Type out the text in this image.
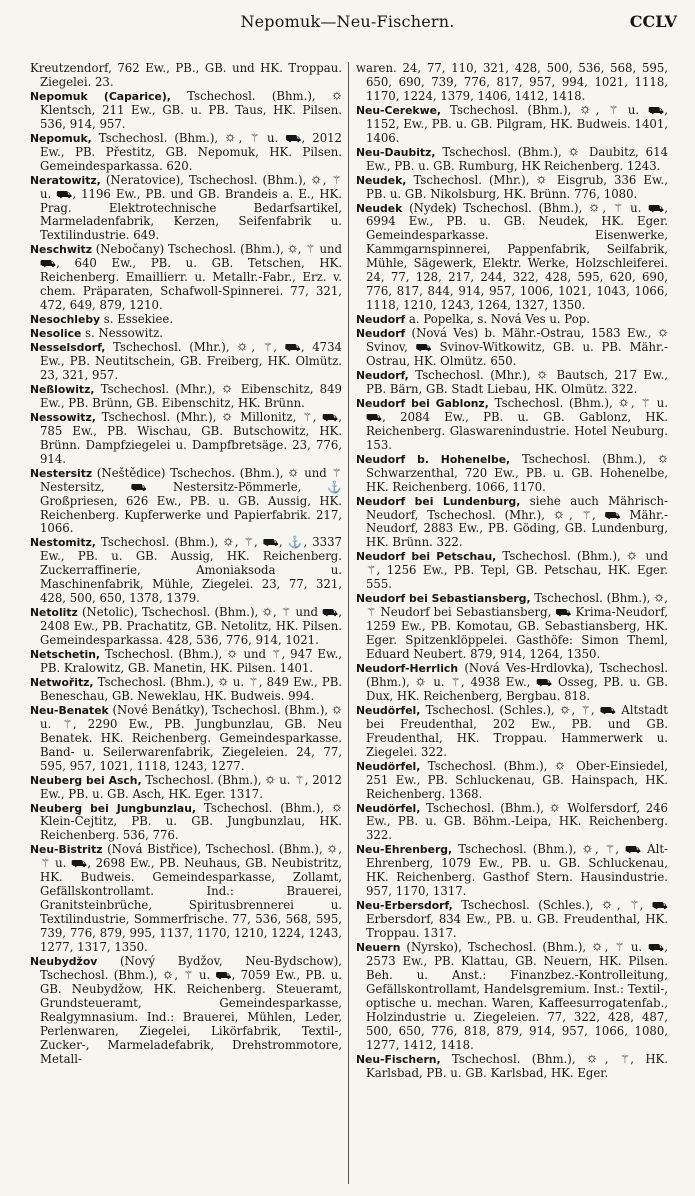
Nepomuk—Neu-Fischern.	CCLV

Kreutzendorf, 762 Ew., PB., GB. und HK. Troppau. Ziegelei. 23.

Nepomuk (Caparice), Tschechosl. (Bhm.), 🌣 Klentsch, 211 Ew., GB. u. PB. Taus, HK. Pilsen. 536, 914, 957.

Nepomuk, Tschechosl. (Bhm.), 🌣, ⚚ u. ⛟, 2012 Ew., PB. Přestitz, GB. Nepomuk, HK. Pilsen. Gemeindesparkassa. 620.

Neratowitz, (Neratovice), Tschechosl. (Bhm.), 🌣, ⚚ u. ⛟, 1196 Ew., PB. und GB. Brandeis a. E., HK. Prag. Elektrotechnische Bedarfsartikel, Marmeladenfabrik, Kerzen, Seifenfabrik u. Textilindustrie. 649.

Neschwitz (Nebočany) Tschechosl. (Bhm.), 🌣, ⚚ und ⛟, 640 Ew., PB. u. GB. Tetschen, HK. Reichenberg. Emaillierr. u. Metallr.-Fabr., Erz. v. chem. Präparaten, Schafwoll-Spinnerei. 77, 321, 472, 649, 879, 1210.

Nesochleby s. Essekiee.

Nesolice s. Nessowitz.

Nesselsdorf, Tschechosl. (Mhr.), 🌣, ⚚, ⛟, 4734 Ew., PB. Neutitschein, GB. Freiberg, HK. Olmütz. 23, 321, 957.

Neßlowitz, Tschechosl. (Mhr.), 🌣 Eibenschitz, 849 Ew., PB. Brünn, GB. Eibenschitz, HK. Brünn.

Nessowitz, Tschechosl. (Mhr.), 🌣 Millonitz, ⚚, ⛟, 785 Ew., PB. Wischau, GB. Butschowitz, HK. Brünn. Dampfziegelei u. Dampfbretsäge. 23, 776, 914.

Nestersitz (Neštědice) Tschechos. (Bhm.), 🌣 und ⚚ Nestersitz, ⛟ Nestersitz-Pömmerle, ⚓ Großpriesen, 626 Ew., PB. u. GB. Aussig, HK. Reichenberg. Kupferwerke und Papierfabrik. 217, 1066.

Nestomitz, Tschechosl. (Bhm.), 🌣, ⚚, ⛟, ⚓, 3337 Ew., PB. u. GB. Aussig, HK. Reichenberg. Zuckerraffinerie, Amoniaksoda u. Maschinenfabrik, Mühle, Ziegelei. 23, 77, 321, 428, 500, 650, 1378, 1379.

Netolitz (Netolic), Tschechosl. (Bhm.), 🌣, ⚚ und ⛟, 2408 Ew., PB. Prachatitz, GB. Netolitz, HK. Pilsen. Gemeindesparkassa. 428, 536, 776, 914, 1021.

Netschetin, Tschechosl. (Bhm.), 🌣 und ⚚, 947 Ew., PB. Kralowitz, GB. Manetin, HK. Pilsen. 1401.

Netwořitz, Tschechosl. (Bhm.), 🌣 u. ⚚, 849 Ew., PB. Beneschau, GB. Neweklau, HK. Budweis. 994.

Neu-Benatek (Nové Benátky), Tschechosl. (Bhm.), 🌣 u. ⚚, 2290 Ew., PB. Jungbunzlau, GB. Neu Benatek. HK. Reichenberg. Gemeindesparkasse. Band- u. Seilerwarenfabrik, Ziegeleien. 24, 77, 595, 957, 1021, 1118, 1243, 1277.

Neuberg bei Asch, Tschechosl. (Bhm.), 🌣 u. ⚚, 2012 Ew., PB. u. GB. Asch, HK. Eger. 1317.

Neuberg bei Jungbunzlau, Tschechosl. (Bhm.), 🌣 Klein-Čejtitz, PB. u. GB. Jungbunzlau, HK. Reichenberg. 536, 776.

Neu-Bistritz (Nová Bistřice), Tschechosl. (Bhm.), 🌣, ⚚ u. ⛟, 2698 Ew., PB. Neuhaus, GB. Neubistritz, HK. Budweis. Gemeindesparkasse, Zollamt, Gefällskontrollamt. Ind.: Brauerei, Granitsteinbrüche, Spiritusbrennerei u. Textilindustrie, Sommerfrische. 77, 536, 568, 595, 739, 776, 879, 995, 1137, 1170, 1210, 1224, 1243, 1277, 1317, 1350.

Neubydžov (Nový Bydžov, Neu-Bydschow), Tschechosl. (Bhm.), 🌣, ⚚ u. ⛟, 7059 Ew., PB. u. GB. Neubydžow, HK. Reichenberg. Steueramt, Grundsteueramt, Gemeindesparkasse, Realgymnasium. Ind.: Brauerei, Mühlen, Leder, Perlenwaren, Ziegelei, Likörfabrik, Textil-, Zucker-, Marmeladefabrik, Drehstrommotore, Metall-

waren. 24, 77, 110, 321, 428, 500, 536, 568, 595, 650, 690, 739, 776, 817, 957, 994, 1021, 1118, 1170, 1224, 1379, 1406, 1412, 1418.

Neu-Cerekwe, Tschechosl. (Bhm.), 🌣, ⚚ u. ⛟, 1152, Ew., PB. u. GB. Pilgram, HK. Budweis. 1401, 1406.

Neu-Daubitz, Tschechosl. (Bhm.), 🌣 Daubitz, 614 Ew., PB. u. GB. Rumburg, HK Reichenberg. 1243.

Neudek, Tschechosl. (Mhr.), 🌣 Eisgrub, 336 Ew., PB. u. GB. Nikolsburg, HK. Brünn. 776, 1080.

Neudek (Nydek) Tschechosl. (Bhm.), 🌣, ⚚ u. ⛟, 6994 Ew., PB. u. GB. Neudek, HK. Eger. Gemeindesparkasse. Eisenwerke, Kammgarnspinnerei, Pappenfabrik, Seilfabrik, Mühle, Sägewerk, Elektr. Werke, Holzschleiferei. 24, 77, 128, 217, 244, 322, 428, 595, 620, 690, 776, 817, 844, 914, 957, 1006, 1021, 1043, 1066, 1118, 1210, 1243, 1264, 1327, 1350.

Neudorf a. Popelka, s. Nová Ves u. Pop.

Neudorf (Nová Ves) b. Mähr.-Ostrau, 1583 Ew., 🌣 Svinov, ⛟ Svinov-Witkowitz, GB. u. PB. Mähr.-Ostrau, HK. Olmütz. 650.

Neudorf, Tschechosl. (Mhr.), 🌣 Bautsch, 217 Ew., PB. Bärn, GB. Stadt Liebau, HK. Olmütz. 322.

Neudorf bei Gablonz, Tschechosl. (Bhm.), 🌣, ⚚ u. ⛟, 2084 Ew., PB. u. GB. Gablonz, HK. Reichenberg. Glaswarenindustrie. Hotel Neuburg. 153.

Neudorf b. Hohenelbe, Tschechosl. (Bhm.), 🌣 Schwarzenthal, 720 Ew., PB. u. GB. Hohenelbe, HK. Reichenberg. 1066, 1170.

Neudorf bei Lundenburg, siehe auch Mährisch-Neudorf, Tschechosl. (Mhr.), 🌣, ⚚, ⛟ Mähr.-Neudorf, 2883 Ew., PB. Göding, GB. Lundenburg, HK. Brünn. 322.

Neudorf bei Petschau, Tschechosl. (Bhm.), 🌣 und ⚚, 1256 Ew., PB. Tepl, GB. Petschau, HK. Eger. 555.

Neudorf bei Sebastiansberg, Tschechosl. (Bhm.), 🌣, ⚚ Neudorf bei Sebastiansberg, ⛟ Krima-Neudorf, 1259 Ew., PB. Komotau, GB. Sebastiansberg, HK. Eger. Spitzenklöppelei. Gasthöfe: Simon Theml, Eduard Neubert. 879, 914, 1264, 1350.

Neudorf-Herrlich (Nová Ves-Hrdlovka), Tschechosl. (Bhm.), 🌣 u. ⚚, 4938 Ew., ⛟ Osseg, PB. u. GB. Dux, HK. Reichenberg, Bergbau. 818.

Neudörfel, Tschechosl. (Schles.), 🌣, ⚚, ⛟ Altstadt bei Freudenthal, 202 Ew., PB. und GB. Freudenthal, HK. Troppau. Hammerwerk u. Ziegelei. 322.

Neudörfel, Tschechosl. (Bhm.), 🌣 Ober-Einsiedel, 251 Ew., PB. Schluckenau, GB. Hainspach, HK. Reichenberg. 1368.

Neudörfel, Tschechosl. (Bhm.), 🌣 Wolfersdorf, 246 Ew., PB. u. GB. Böhm.-Leipa, HK. Reichenberg. 322.

Neu-Ehrenberg, Tschechosl. (Bhm.), 🌣, ⚚, ⛟ Alt-Ehrenberg, 1079 Ew., PB. u. GB. Schluckenau, HK. Reichenberg. Gasthof Stern. Hausindustrie. 957, 1170, 1317.

Neu-Erbersdorf, Tschechosl. (Schles.), 🌣, ⚚, ⛟ Erbersdorf, 834 Ew., PB. u. GB. Freudenthal, HK. Troppau. 1317.

Neuern (Nyrsko), Tschechosl. (Bhm.), 🌣, ⚚ u. ⛟, 2573 Ew., PB. Klattau, GB. Neuern, HK. Pilsen. Beh. u. Anst.: Finanzbez.-Kontrolleitung, Gefällskontrollamt, Handelsgremium. Inst.: Textil-, optische u. mechan. Waren, Kaffeesurrogatenfab., Holzindustrie u. Ziegeleien. 77, 322, 428, 487, 500, 650, 776, 818, 879, 914, 957, 1066, 1080, 1277, 1412, 1418.

Neu-Fischern, Tschechosl. (Bhm.), 🌣, ⚚, HK. Karlsbad, PB. u. GB. Karlsbad, HK. Eger.
